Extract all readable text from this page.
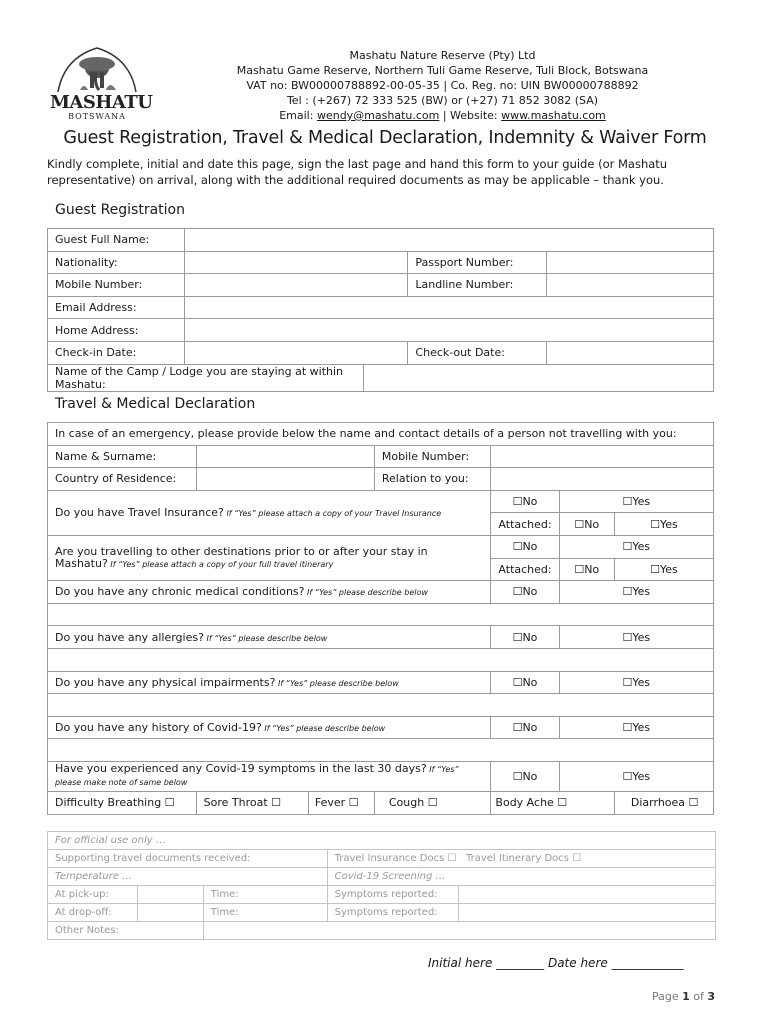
MASHATU
BOTSWANA
Mashatu Nature Reserve (Pty) Ltd
Mashatu Game Reserve, Northern Tuli Game Reserve, Tuli Block, Botswana
VAT no: BW00000788892-00-05-35 | Co. Reg. no: UIN BW00000788892
Tel : (+267) 72 333 525 (BW) or (+27) 71 852 3082 (SA)
Email: wendy@mashatu.com | Website: www.mashatu.com
Guest Registration, Travel & Medical Declaration, Indemnity & Waiver Form
Kindly complete, initial and date this page, sign the last page and hand this form to your guide (or Mashatu representative) on arrival, along with the additional required documents as may be applicable – thank you.
Guest Registration
Guest Full Name:				
Nationality:			Passport Number:	
Mobile Number:			Landline Number:	
Email Address:				
Home Address:				
Check-in Date:			Check-out Date:	
Name of the Camp / Lodge you are staying at within Mashatu:				
Travel & Medical Declaration
In case of an emergency, please provide below the name and contact details of a person not travelling with you:						
Name & Surname:			Mobile Number:			
Country of Residence:			Relation to you:			
Do you have Travel Insurance? If “Yes” please attach a copy of your Travel Insurance				☐No	☐Yes	
				Attached:	☐No	☐Yes
Are you travelling to other destinations prior to or after your stay in Mashatu? If “Yes” please attach a copy of your full travel itinerary				☐No	☐Yes	
				Attached:	☐No	☐Yes
Do you have any chronic medical conditions? If “Yes” please describe below				☐No	☐Yes	

Do you have any allergies? If “Yes” please describe below				☐No	☐Yes	

Do you have any physical impairments? If “Yes” please describe below				☐No	☐Yes	

Do you have any history of Covid-19? If “Yes” please describe below				☐No	☐Yes	

Have you experienced any Covid-19 symptoms in the last 30 days? If “Yes” please make note of same below				☐No	☐Yes	
Difficulty Breathing ☐	Sore Throat ☐	Fever ☐	Cough ☐	Body Ache ☐		Diarrhoea ☐
For official use only …				
Supporting travel documents received:			Travel Insurance Docs ☐ Travel Itinerary Docs ☐	
Temperature …			Covid-19 Screening …	
At pick-up:		Time:	Symptoms reported:	
At drop-off:		Time:	Symptoms reported:	
Other Notes:				
Initial here ________ Date here ____________
Page 1 of 3
